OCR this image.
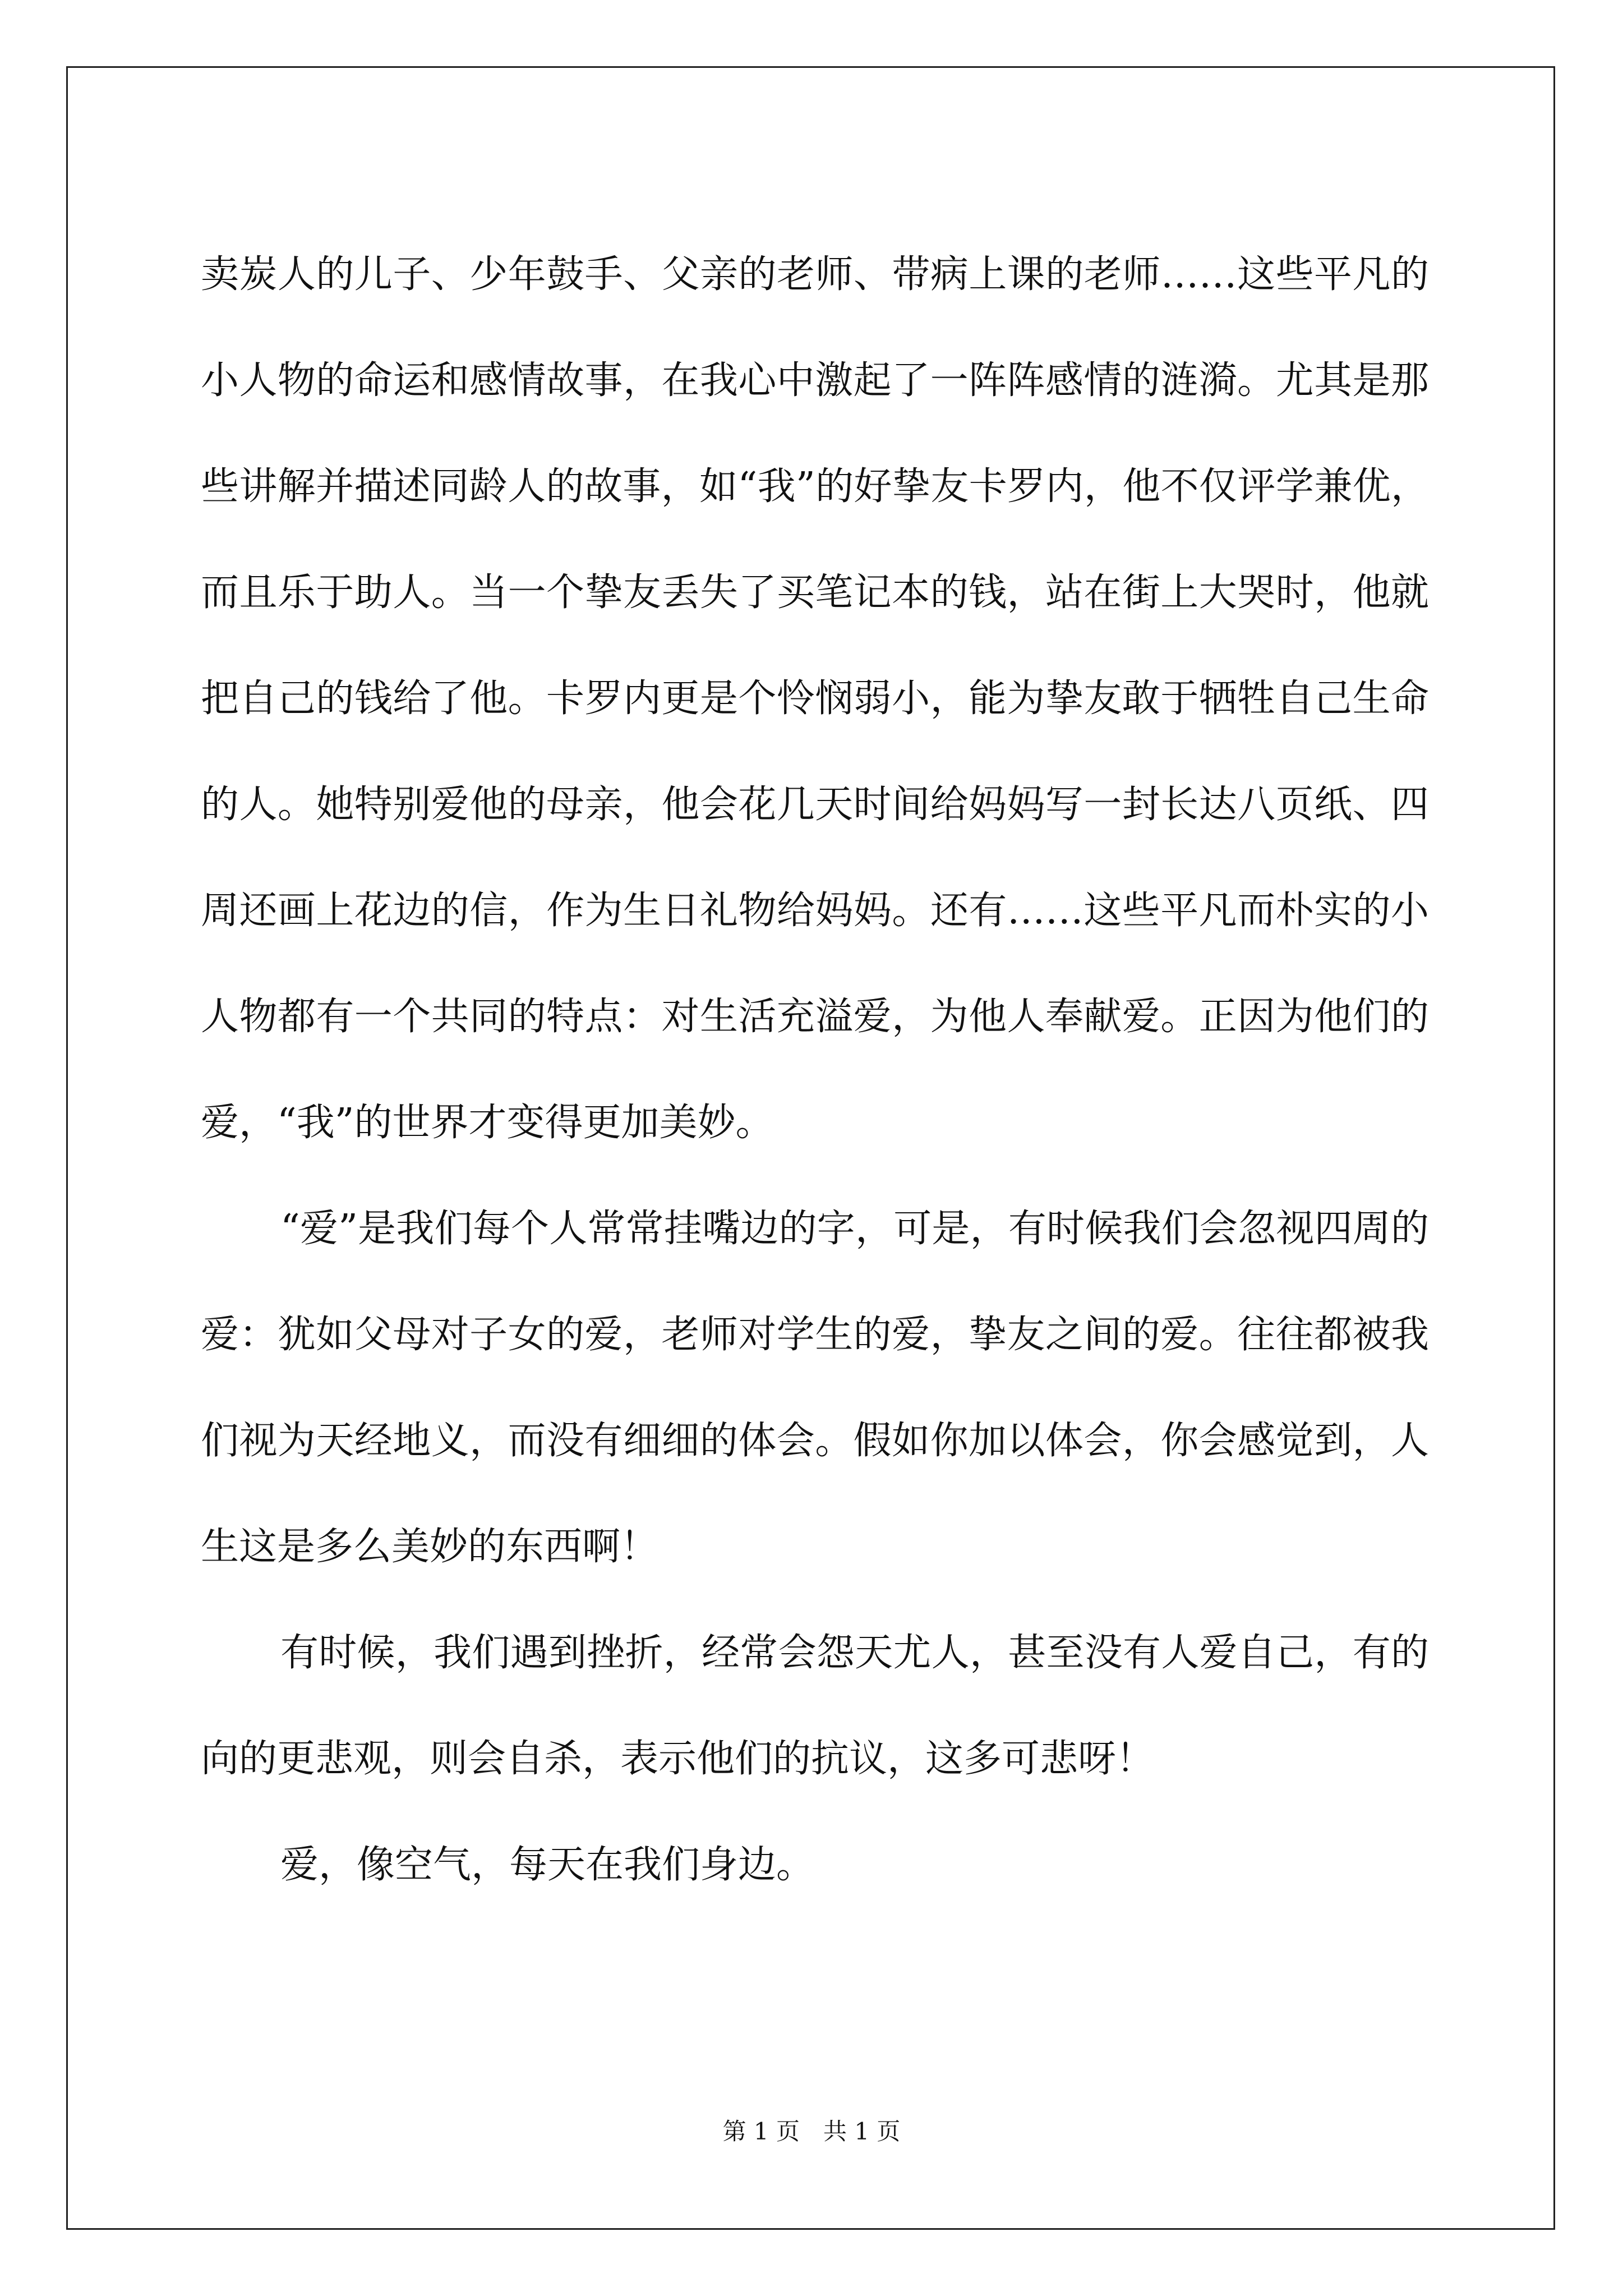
卖炭人的儿子、少年鼓手、父亲的老师、带病上课的老师……这些平凡的小人物的命运和感情故事，在我心中激起了一阵阵感情的涟漪。尤其是那些讲解并描述同龄人的故事，如“我”的好挚友卡罗内，他不仅评学兼优，而且乐于助人。当一个挚友丢失了买笔记本的钱，站在街上大哭时，他就把自己的钱给了他。卡罗内更是个怜悯弱小，能为挚友敢于牺牲自己生命的人。她特别爱他的母亲，他会花几天时间给妈妈写一封长达八页纸、四周还画上花边的信，作为生日礼物给妈妈。还有……这些平凡而朴实的小人物都有一个共同的特点：对生活充溢爱，为他人奉献爱。正因为他们的爱，“我”的世界才变得更加美妙。

“爱”是我们每个人常常挂嘴边的字，可是，有时候我们会忽视四周的爱：犹如父母对子女的爱，老师对学生的爱，挚友之间的爱。往往都被我们视为天经地义，而没有细细的体会。假如你加以体会，你会感觉到，人生这是多么美妙的东西啊！

有时候，我们遇到挫折，经常会怨天尤人，甚至没有人爱自己，有的向的更悲观，则会自杀，表示他们的抗议，这多可悲呀！

爱，像空气，每天在我们身边。

第 1 页　共 1 页
